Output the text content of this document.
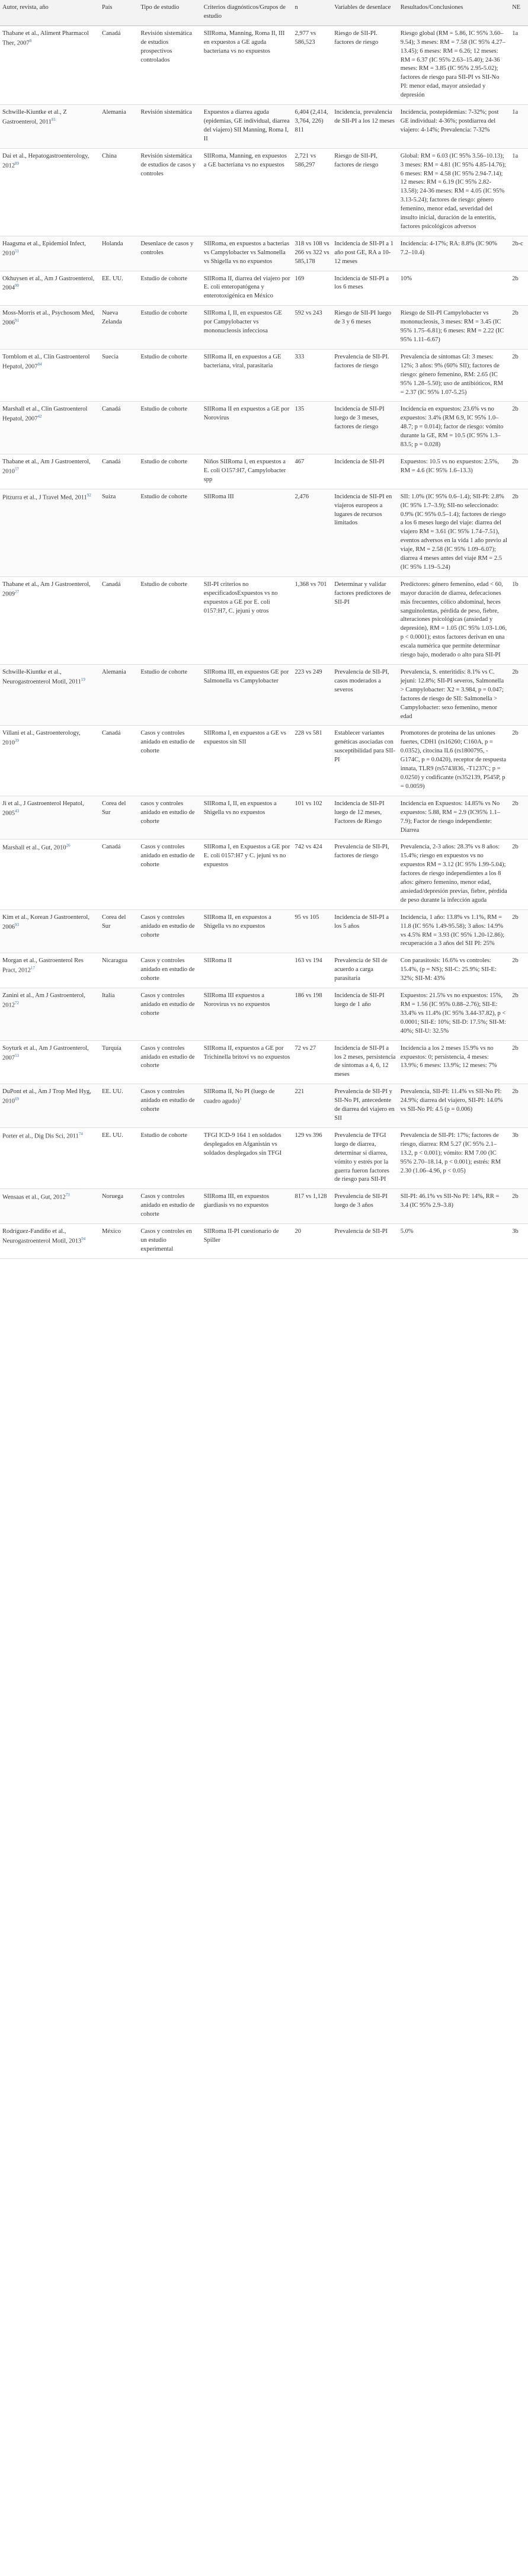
Autor, revista, año	País	Tipo de estudio	Criterios diagnósticos/Grupos de estudio	n	Variables de desenlace	Resultados/Conclusiones	NE
Thabane et al., Aliment Pharmacol Ther, 2007$^8$	Canadá	Revisión sistemática de estudios prospectivos controlados	SIIRoma, Manning, Roma II, III en expuestos a GE aguda bacteriana vs no expuestos	2,977 vs 586,523	Riesgo de SII-PI. factores de riesgo	Riesgo global (RM = 5.86, IC 95% 3.60–9.54); 3 meses: RM = 7.58 (IC 95% 4.27–13.45); 6 meses: RM = 6.26; 12 meses: RM = 6.37 (IC 95% 2.63–15.40); 24-36 meses: RM = 3.85 (IC 95% 2.95-5.02); factores de riesgo para SII-PI vs SII-No PI: menor edad, mayor ansiedad y depresión	1a
Schwille-Kiuntke et al., Z Gastroenterol, 2011$^{81}$	Alemania	Revisión sistemática	Expuestos a diarrea aguda (epidemias, GE individual, diarrea del viajero) SII Manning, Roma I, II	6,404 (2,414, 3,764, 226) 811	Incidencia, prevalencia de SII-PI a los 12 meses	Incidencia, postepidemias: 7-32%; post GE individual: 4-36%; postdiarrea del viajero: 4-14%; Prevalencia: 7-32%	1a
Dai et al., Hepatogastroenterology, 2012$^{89}$	China	Revisión sistemática de estudios de casos y controles	SIIRoma, Manning, en expuestos a GE bacteriana vs no expuestos	2,721 vs 586,297	Riesgo de SII-PI, factores de riesgo	Global: RM = 6.03 (IC 95% 3.56–10.13); 3 meses: RM = 4.81 (IC 95% 4.85-14.76); 6 meses: RM = 4.58 (IC 95% 2.94-7.14); 12 meses: RM = 6.19 (IC 95% 2.82-13.58); 24-36 meses: RM = 4.05 (IC 95% 3.13-5.24); factores de riesgo: género femenino, menor edad, severidad del insulto inicial, duración de la enteritis, factores psicológicos adversos	1a
Haagsma et al., Epidemiol Infect, 2010$^{51}$	Holanda	Desenlace de casos y controles	SIIRoma, en expuestos a bacterias vs Campylobacter vs Salmonella vs Shigella vs no expuestos	318 vs 108 vs 266 vs 322 vs 585,178	Incidencia de SII-PI a 1 año post GE, RA a 10-12 meses	Incidencia: 4-17%; RA: 8.8% (IC 90% 7.2–10.4)	2b-c
Okhuysen et al., Am J Gastroenterol, 2004$^{90}$	EE. UU.	Estudio de cohorte	SIIRoma II, diarrea del viajero por E. coli enteropatógena y enterotoxigénica en México	169	Incidencia de SII-PI a los 6 meses	10%	2b
Moss-Morris et al., Psychosom Med, 2006$^{91}$	Nueva Zelanda	Estudio de cohorte	SIIRoma I, II, en expuestos GE por Campylobacter vs mononucleosis infecciosa	592 vs 243	Riesgo de SII-PI luego de 3 y 6 meses	Riesgo de SII-PI Campylobacter vs mononucleosis, 3 meses: RM = 3.45 (IC 95% 1.75–6.81); 6 meses: RM = 2.22 (IC 95% 1.11–6.67)	2b
Tornblom et al., Clin Gastroenterol Hepatol, 2007$^{84}$	Suecia	Estudio de cohorte	SIIRoma II, en expuestos a GE bacteriana, viral, parasitaria	333	Prevalencia de SII-PI. factores de riesgo	Prevalencia de síntomas GI: 3 meses: 12%; 3 años: 9% (60% SII); factores de riesgo: género femenino, RM: 2.65 (IC 95% 1.28–5.50); uso de antibióticos, RM = 2.37 (IC 95% 1.07-5.25)	2b
Marshall et al., Clin Gastroenterol Hepatol, 2007$^{42}$	Canadá	Estudio de cohorte	SIIRoma II en expuestos a GE por Norovirus	135	Incidencia de SII-PI luego de 3 meses, factores de riesgo	Incidencia en expuestos: 23.6% vs no expuestos: 3.4% (RM 6.9, IC 95% 1.0–48.7; p = 0.014); factor de riesgo: vómito durante la GE, RM = 10.5 (IC 95% 1.3–83.5; p = 0.028)	2b
Thabane et al., Am J Gastroenterol, 2010$^{57}$	Canadá	Estudio de cohorte	Niños SIIRoma I, en expuestos a E. coli O157:H7, Campylobacter spp	467	Incidencia de SII-PI	Expuestos: 10.5 vs no expuestos: 2.5%, RM = 4.6 (IC 95% 1.6–13.3)	2b
Pitzurra et al., J Travel Med, 2011$^{92}$	Suiza	Estudio de cohorte	SIIRoma III	2,476	Incidencia de SII-PI en viajeros europeos a lugares de recursos limitados	SII: 1.0% (IC 95% 0.6–1.4); SII-PI: 2.8% (IC 95% 1.7–3.9); SII-no seleccionado: 0.9% (IC 95% 0.5–1.4); factores de riesgo a los 6 meses luego del viaje: diarrea del viajero RM = 3.61 (IC 95% 1.74–7.51), eventos adversos en la vida 1 año previo al viaje, RM = 2.58 (IC 95% 1.09–6.07); diarrea 4 meses antes del viaje RM = 2.5 (IC 95% 1.19–5.24)	2b
Thabane et al., Am J Gastroenterol, 2009$^{27}$	Canadá	Estudio de cohorte	SII-PI criterios no especificadosExpuestos vs no expuestos a GE por E. coli 0157:H7, C. jejuni y otros	1,368 vs 701	Determinar y validar factores predictores de SII-PI	Predictores: género femenino, edad < 60, mayor duración de diarrea, defecaciones más frecuentes, cólico abdominal, heces sanguinolentas, pérdida de peso, fiebre, alteraciones psicológicas (ansiedad y depresión), RM = 1.05 (IC 95% 1.03-1.06, p < 0.0001); estos factores derivan en una escala numérica que permite determinar riesgo bajo, moderado o alto para SII-PI	1b
Schwille-Kiuntke et al., Neurogastroenterol Motil, 2011$^{19}$	Alemania	Estudio de cohorte	SIIRoma III, en expuestos GE por Salmonella vs Campylobacter	223 vs 249	Prevalencia de SII-PI, casos moderados a severos	Prevalencia, S. enteritidis: 8.1% vs C. jejuni: 12.8%; SII-PI severos, Salmonella > Campylobacter: X2 = 3.984, p = 0.047; factores de riesgo de SII: Salmonella > Campylobacter: sexo femenino, menor edad	2b
Villani et al., Gastroenterology, 2010$^{39}$	Canadá	Casos y controles anidado en estudio de cohorte	SIIRoma I, en expuestos a GE vs expuestos sin SII	228 vs 581	Establecer variantes genéticas asociadas con susceptibilidad para SII-PI	Promotores de proteína de las uniones fuertes, CDH1 (rs16260; C160A, p = 0.0352), citocina IL6 (rs1800795, -G174C, p = 0.0420), receptor de respuesta innata, TLR9 (rs5743836, -T1237C; p = 0.0250) y codificante (rs352139, P545P, p = 0.0059)	2b
Ji et al., J Gastroenterol Hepatol, 2005$^{43}$	Corea del Sur	casos y controles anidado en estudio de cohorte	SIIRoma I, II, en expuestos a Shigella vs no expuestos	101 vs 102	Incidencia de SII-PI luego de 12 meses, Factores de Riesgo	Incidencia en Expuestos: 14.85% vs No expuestos: 5.88, RM = 2.9 (IC95% 1.1–7.9); Factor de riesgo independiente: Diarrea	2b
Marshall et al., Gut, 2010$^{26}$	Canadá	Casos y controles anidado en estudio de cohorte	SIIRoma I, en Expuestos a GE por E. coli 0157:H7 y C. jejuni vs no expuestos	742 vs 424	Prevalencia de SII-PI, factores de riesgo	Prevalencia, 2-3 años: 28.3% vs 8 años: 15.4%; riesgo en expuestos vs no expuestos RM = 3.12 (IC 95% 1.99-5.04); factores de riesgo independientes a los 8 años: género femenino, menor edad, ansiedad/depresión previas, fiebre, pérdida de peso durante la infección aguda	2b
Kim et al., Korean J Gastroenterol, 2006$^{93}$	Corea del Sur	Casos y controles anidado en estudio de cohorte	SIIRoma II, en expuestos a Shigella vs no expuestos	95 vs 105	Incidencia de SII-PI a los 5 años	Incidencia, 1 año: 13.8% vs 1.1%, RM = 11.8 (IC 95% 1.49-95.58); 3 años: 14.9% vs 4.5% RM = 3.93 (IC 95% 1.20-12.86); recuperación a 3 años del SII PI: 25%	2b
Morgan et al., Gastroenterol Res Pract, 2012$^{17}$	Nicaragua	Casos y controles anidado en estudio de cohorte	SIIRoma II	163 vs 194	Prevalencia de SII de acuerdo a carga parasitaria	Con parasitosis: 16.6% vs controles: 15.4%, (p = NS); SII-C: 25.9%; SII-E: 32%; SII-M: 43%	2b
Zanini et al., Am J Gastroenterol, 2012$^{72}$	Italia	Casos y controles anidado en estudio de cohorte	SIIRoma III expuestos a Norovirus vs no expuestos	186 vs 198	Incidencia de SII-PI luego de 1 año	Expuestos: 21.5% vs no expuestos: 15%, RM = 1.56 (IC 95% 0.88–2.76); SII-E: 33.4% vs 11.4% (IC 95% 3.44-37.82), p < 0.0001; SII-E: 10%; SII-D: 17.5%; SII-M: 40%; SII-U: 32.5%	2b
Soyturk et al., Am J Gastroenterol, 2007$^{53}$	Turquía	Casos y controles anidado en estudio de cohorte	SIIRoma II, expuestos a GE por Trichinella britovi vs no expuestos	72 vs 27	Incidencia de SII-PI a los 2 meses, persistencia de síntomas a 4, 6, 12 meses	Incidencia a los 2 meses 15.9% vs no expuestos: 0; persistencia, 4 meses: 13.9%; 6 meses: 13.9%; 12 meses: 7%	2b
DuPont et al., Am J Trop Med Hyg, 2010$^{69}$	EE. UU.	Casos y controles anidado en estudio de cohorte	SIIRoma II, No PI (luego de cuadro agudo)$^1$	221	Prevalencia de SII-PI y SII-No PI, antecedente de diarrea del viajero en SII	Prevalencia, SII-PI: 11.4% vs SII-No PI: 24.9%; diarrea del viajero, SII-PI: 14.0% vs SII-No PI: 4.5 (p = 0.006)	2b
Porter et al., Dig Dis Sci, 2011$^{74}$	EE. UU.	Estudio de cohorte	TFGI ICD-9 164 1 en soldados desplegados en Afganistán vs soldados desplegados sin TFGI	129 vs 396	Prevalencia de TFGI luego de diarrea, determinar si diarrea, vómito y estrés por la guerra fueron factores de riesgo para SII-PI	Prevalencia de SII-PI: 17%; factores de riesgo, diarrea: RM 5.27 (IC 95% 2.1–13.2, p < 0.001); vómito: RM 7.00 (IC 95% 2.70–18.14, p < 0.001); estrés: RM 2.30 (1.06–4.96, p < 0.05)	3b
Wensaas et al., Gut, 2012$^{73}$	Noruega	Casos y controles anidado en estudio de cohorte	SIIRoma III, en expuestos giardiasis vs no expuestos	817 vs 1,128	Prevalencia de SII-PI luego de 3 años	SII-PI: 46.1% vs SII-No PI: 14%, RR = 3.4 (IC 95% 2.9–3.8)	2b
Rodríguez-Fandiño et al., Neurogastroenterol Motil, 2013$^{94}$	México	Casos y controles en un estudio experimental	SIIRoma II-PI cuestionario de Spiller	20	Prevalencia de SII-PI	5.0%	3b
